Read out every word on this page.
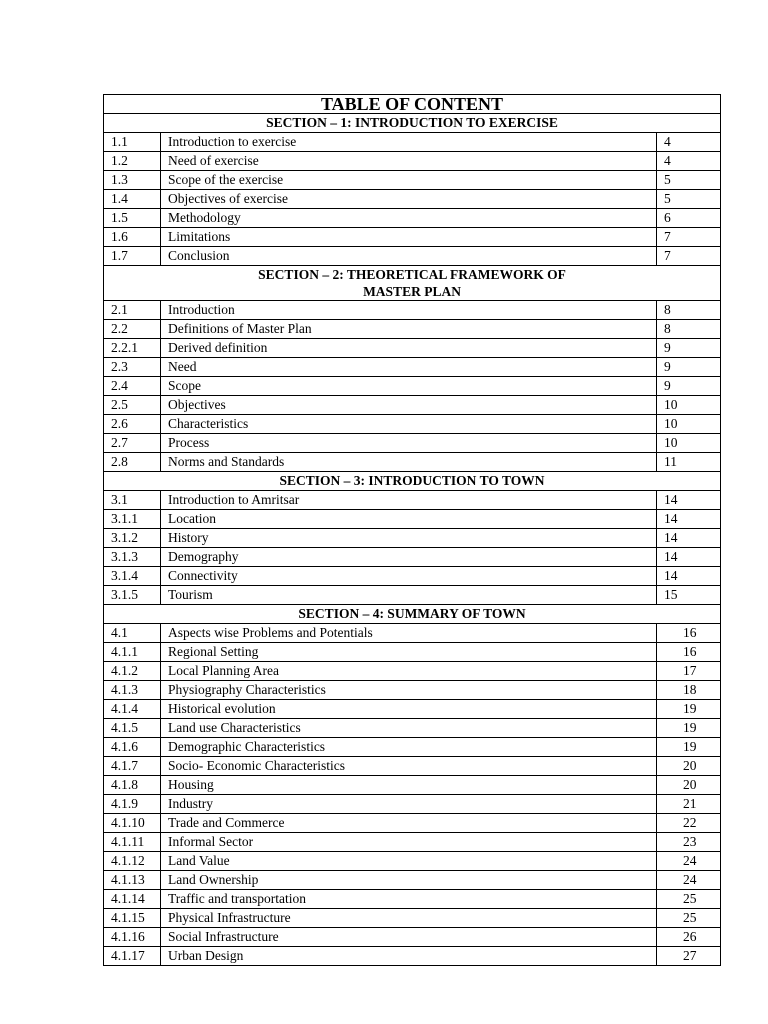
TABLE OF CONTENT		
SECTION – 1: INTRODUCTION TO EXERCISE		
1.1	Introduction to exercise	4
1.2	Need of exercise	4
1.3	Scope of the exercise	5
1.4	Objectives of exercise	5
1.5	Methodology	6
1.6	Limitations	7
1.7	Conclusion	7

SECTION – 2: THEORETICAL FRAMEWORK OF
MASTER PLAN		

2.1	Introduction	8
2.2	Definitions of Master Plan	8
2.2.1	Derived definition	9
2.3	Need	9
2.4	Scope	9
2.5	Objectives	10
2.6	Characteristics	10
2.7	Process	10
2.8	Norms and Standards	11
SECTION – 3: INTRODUCTION TO TOWN		
3.1	Introduction to Amritsar	14
3.1.1	Location	14
3.1.2	History	14
3.1.3	Demography	14
3.1.4	Connectivity	14
3.1.5	Tourism	15
SECTION – 4: SUMMARY OF TOWN		
4.1	Aspects wise Problems and Potentials	16
4.1.1	Regional Setting	16
4.1.2	Local Planning Area	17
4.1.3	Physiography Characteristics	18
4.1.4	Historical evolution	19
4.1.5	Land use Characteristics	19
4.1.6	Demographic Characteristics	19
4.1.7	Socio- Economic Characteristics	20
4.1.8	Housing	20
4.1.9	Industry	21
4.1.10	Trade and Commerce	22
4.1.11	Informal Sector	23
4.1.12	Land Value	24
4.1.13	Land Ownership	24
4.1.14	Traffic and transportation	25
4.1.15	Physical Infrastructure	25
4.1.16	Social Infrastructure	26
4.1.17	Urban Design	27
